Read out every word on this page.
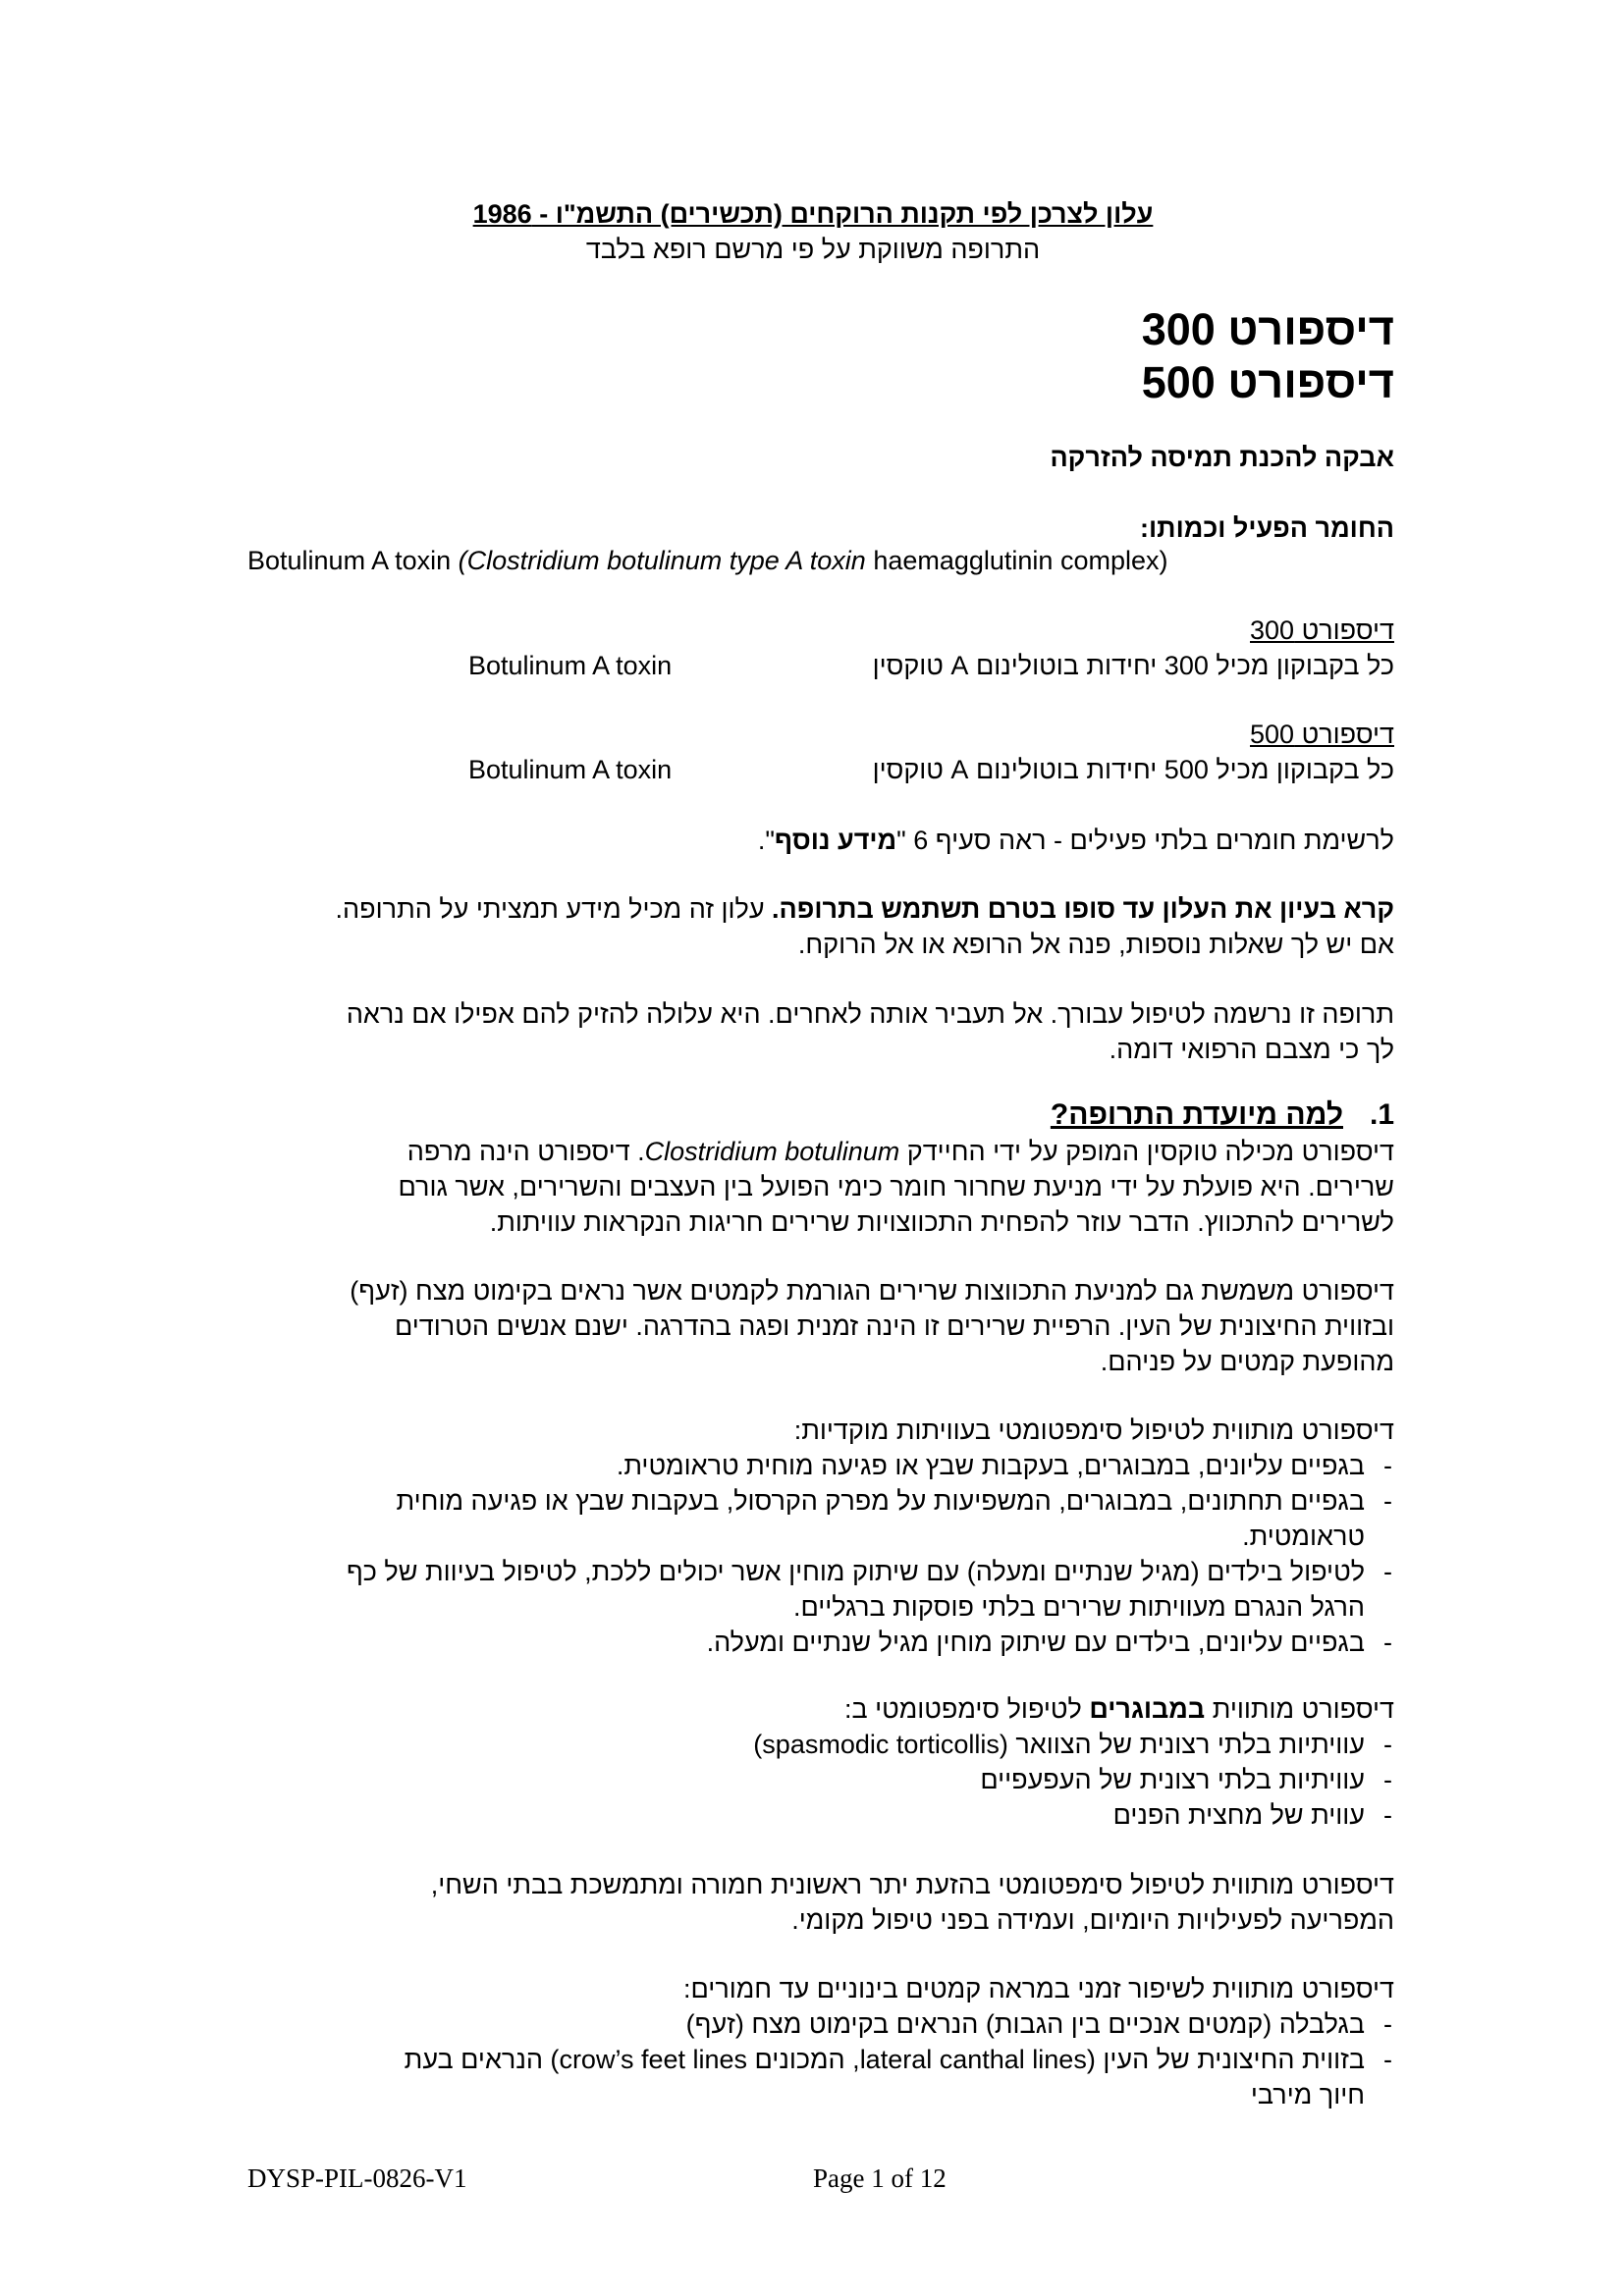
עלון לצרכן לפי תקנות הרוקחים (תכשירים) התשמ"ו - 1986
התרופה משווקת על פי מרשם רופא בלבד
דיספורט 300
דיספורט 500
אבקה להכנת תמיסה להזרקה
החומר הפעיל וכמותו:
Botulinum A toxin (Clostridium botulinum type A toxin haemagglutinin complex)
דיספורט 300
כל בקבוקון מכיל 300 יחידות בוטולינום A טוקסין
Botulinum A toxin
דיספורט 500
כל בקבוקון מכיל 500 יחידות בוטולינום A טוקסין
Botulinum A toxin
לרשימת חומרים בלתי פעילים - ראה סעיף 6 "מידע נוסף".
קרא בעיון את העלון עד סופו בטרם תשתמש בתרופה. עלון זה מכיל מידע תמציתי על התרופה.
אם יש לך שאלות נוספות, פנה אל הרופא או אל הרוקח.
תרופה זו נרשמה לטיפול עבורך. אל תעביר אותה לאחרים. היא עלולה להזיק להם אפילו אם נראה
לך כי מצבם הרפואי דומה.
1.
למה מיועדת התרופה?
דיספורט מכילה טוקסין המופק על ידי החיידק Clostridium botulinum. דיספורט הינה מרפה
שרירים. היא פועלת על ידי מניעת שחרור חומר כימי הפועל בין העצבים והשרירים, אשר גורם
לשרירים להתכווץ. הדבר עוזר להפחית התכווצויות שרירים חריגות הנקראות עוויתות.
דיספורט משמשת גם למניעת התכווצות שרירים הגורמת לקמטים אשר נראים בקימוט מצח (זעף)
ובזווית החיצונית של העין. הרפיית שרירים זו הינה זמנית ופגה בהדרגה. ישנם אנשים הטרודים
מהופעת קמטים על פניהם.
דיספורט מותווית לטיפול סימפטומטי בעוויתות מוקדיות:
- בגפיים עליונים, במבוגרים, בעקבות שבץ או פגיעה מוחית טראומטית.
- בגפיים תחתונים, במבוגרים, המשפיעות על מפרק הקרסול, בעקבות שבץ או פגיעה מוחית
טראומטית.
- לטיפול בילדים (מגיל שנתיים ומעלה) עם שיתוק מוחין אשר יכולים ללכת, לטיפול בעיוות של כף
הרגל הנגרם מעוויתות שרירים בלתי פוסקות ברגליים.
- בגפיים עליונים, בילדים עם שיתוק מוחין מגיל שנתיים ומעלה.
דיספורט מותווית במבוגרים לטיפול סימפטומטי ב:
- עוויתיות בלתי רצונית של הצוואר (spasmodic torticollis)
- עוויתיות בלתי רצונית של העפעפיים
- עווית של מחצית הפנים
דיספורט מותווית לטיפול סימפטומטי בהזעת יתר ראשונית חמורה ומתמשכת בבתי השחי,
המפריעה לפעילויות היומיום, ועמידה בפני טיפול מקומי.
דיספורט מותווית לשיפור זמני במראה קמטים בינוניים עד חמורים:
- בגלבלה (קמטים אנכיים בין הגבות) הנראים בקימוט מצח (זעף)
- בזווית החיצונית של העין (lateral canthal lines, המכונים crow’s feet lines) הנראים בעת
חיוך מירבי
DYSP-PIL-0826-V1	Page 1 of 12
